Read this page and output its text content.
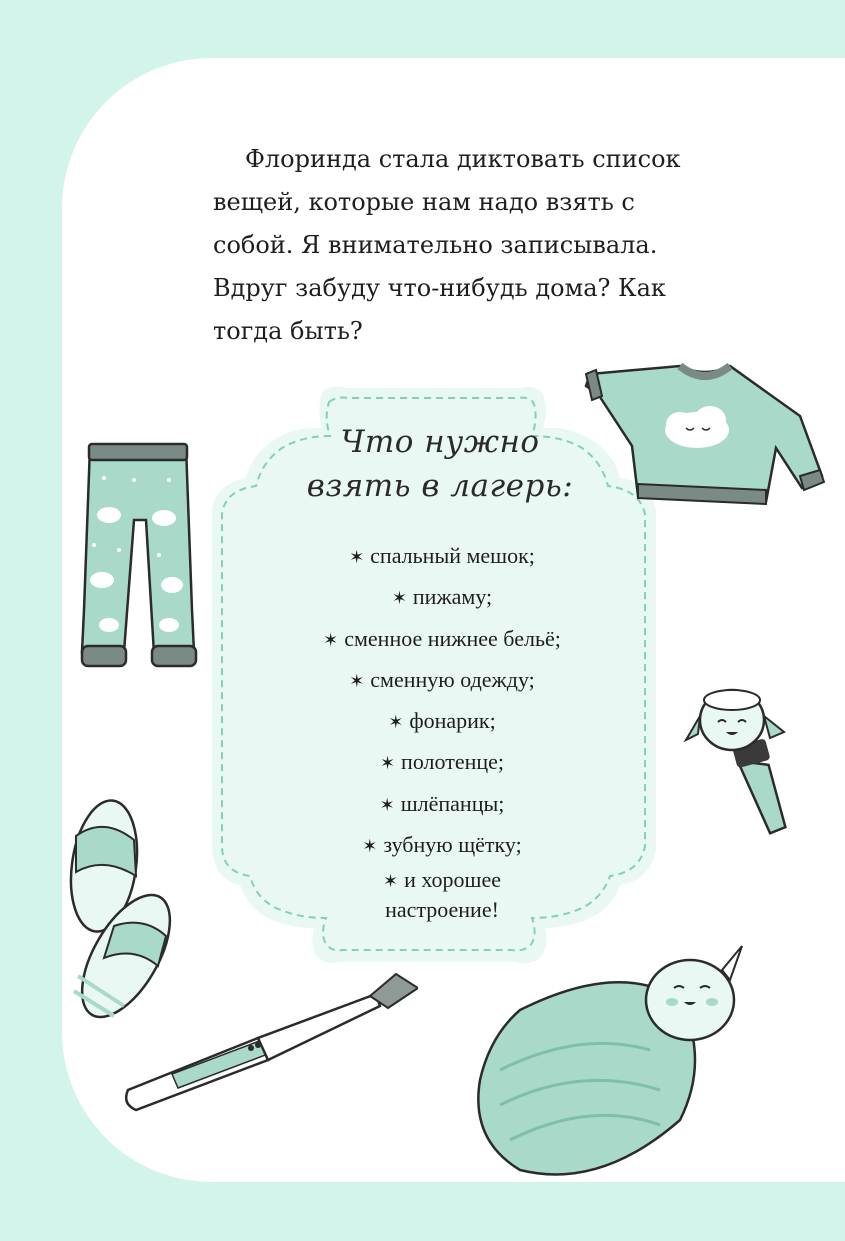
Флоринда стала диктовать список вещей, которые нам надо взять с собой. Я внимательно записывала. Вдруг забуду что-нибудь дома? Как тогда быть?

Что нужно
взять в лагерь:
✶ спальный мешок;
✶ пижаму;
✶ сменное нижнее бельё;
✶ сменную одежду;
✶ фонарик;
✶ полотенце;
✶ шлёпанцы;
✶ зубную щётку;
✶ и хорошее
настроение!
